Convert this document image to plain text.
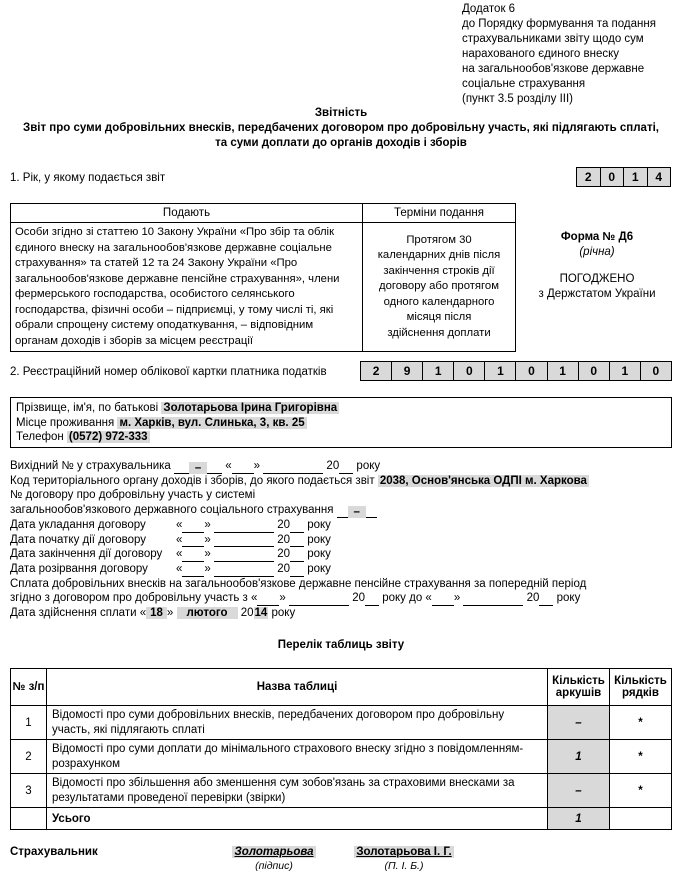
Додаток 6
до Порядку формування та подання
страхувальниками звіту щодо сум
нарахованого єдиного внеску
на загальнообов'язкове державне
соціальне страхування
(пункт 3.5 розділу ІІІ)
Звітність
Звіт про суми добровільних внесків, передбачених договором про добровільну участь, які підлягають сплаті,
та суми доплати до органів доходів і зборів
1. Рік, у якому подається звіт	2	0	1	4
Подають	Терміни подання
Особи згідно зі статтею 10 Закону України «Про збір та облік єдиного внеску на загальнообов'язкове державне соціальне страхування» та статей 12 та 24 Закону України «Про загальнообов'язкове державне пенсійне страхування», члени фермерського господарства, особистого селянського господарства, фізичні особи – підприємці, у тому числі ті, які обрали спрощену систему оподаткування, – відповідним органам доходів і зборів за місцем реєстрації	Протягом 30 календарних днів після закінчення строків дії договору або протягом одного календарного місяця після здійснення доплати
Форма № Д6
(річна)
ПОГОДЖЕНО
з Держстатом України
2. Реєстраційний номер облікової картки платника податків	2	9	1	0	1	0	1	0	1	0
Прізвище, ім'я, по батькові Золотарьова Ірина Григорівна
Місце проживання м. Харків, вул. Слинька, 3, кв. 25
Телефон (0572) 972-333
Вихідний № у страхувальника – « »	20 року
Код територіального органу доходів і зборів, до якого подається звіт 2038, Основ'янська ОДПІ м. Харкова
№ договору про добровільну участь у системі
загальнообов'язкового державного соціального страхування –
Дата укладання договору	« »	20 року
Дата початку дії договору	« »	20 року
Дата закінчення дії договору « »	20 року
Дата розірвання договору « »	20 року
Сплата добровільних внесків на загальнообов'язкове державне пенсійне страхування за попередній період
згідно з договором про добровільну участь з « »	20 року до « »	20 року
Дата здійснення сплати « 18 » лютого 2014 року
Перелік таблиць звіту
№ з/п	Назва таблиці	Кількість аркушів	Кількість рядків
1	Відомості про суми добровільних внесків, передбачених договором про добровільну участь, які підлягають сплаті	–	*
2	Відомості про суми доплати до мінімального страхового внеску згідно з повідомленням-розрахунком	1	*
3	Відомості про збільшення або зменшення сум зобов'язань за страховими внесками за результатами проведеної перевірки (звірки)	–	*
	Усього	1	
Страхувальник	Золотарьова
(підпис)
Золотарьова І. Г.
(П. І. Б.)
